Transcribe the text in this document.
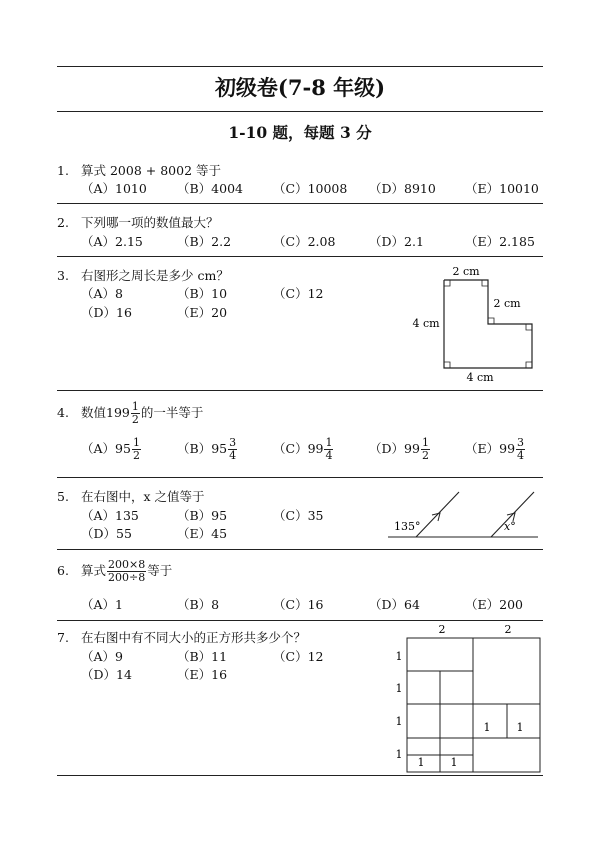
初级卷(7-8 年级)
1-10 题，每题 3 分
1. 算式 2008 + 8002 等于
（A）1010 （B）4004 （C）10008 （D）8910 （E）10010
2. 下列哪一项的数值最大？
（A）2.15	（B）2.2	（C）2.08	（D）2.1	（E）2.185
3. 右图形之周长是多少 cm？
（A）8	（B）10	（C）12
（D）16	（E）20
2 cm
2 cm
4 cm
4 cm
4. 数值$199 \frac{1}{2}$ 的一半等于
$(A)95 \frac{1}{2}$	$(B)95 \frac{3}{4}$	$(C)99 \frac{1}{4}$	$(D)99 \frac{1}{2}$	$(E)99 \frac{3}{4}$
5. 在右图中，x 之值等于
（A）135	（B）95	（C）35
（D）55	（E）45	135°	x°
6. 算式 $\frac{200\times 8}{200\div 8}$ 等于
（A）1	（B）8	（C）16	（D）64	（E）200
7. 在右图中有不同大小的正方形共多少个？
（A）9	（B）11	（C）12
（D）14	（E）16
2	2
1
1
1
1
1 1
1 1
